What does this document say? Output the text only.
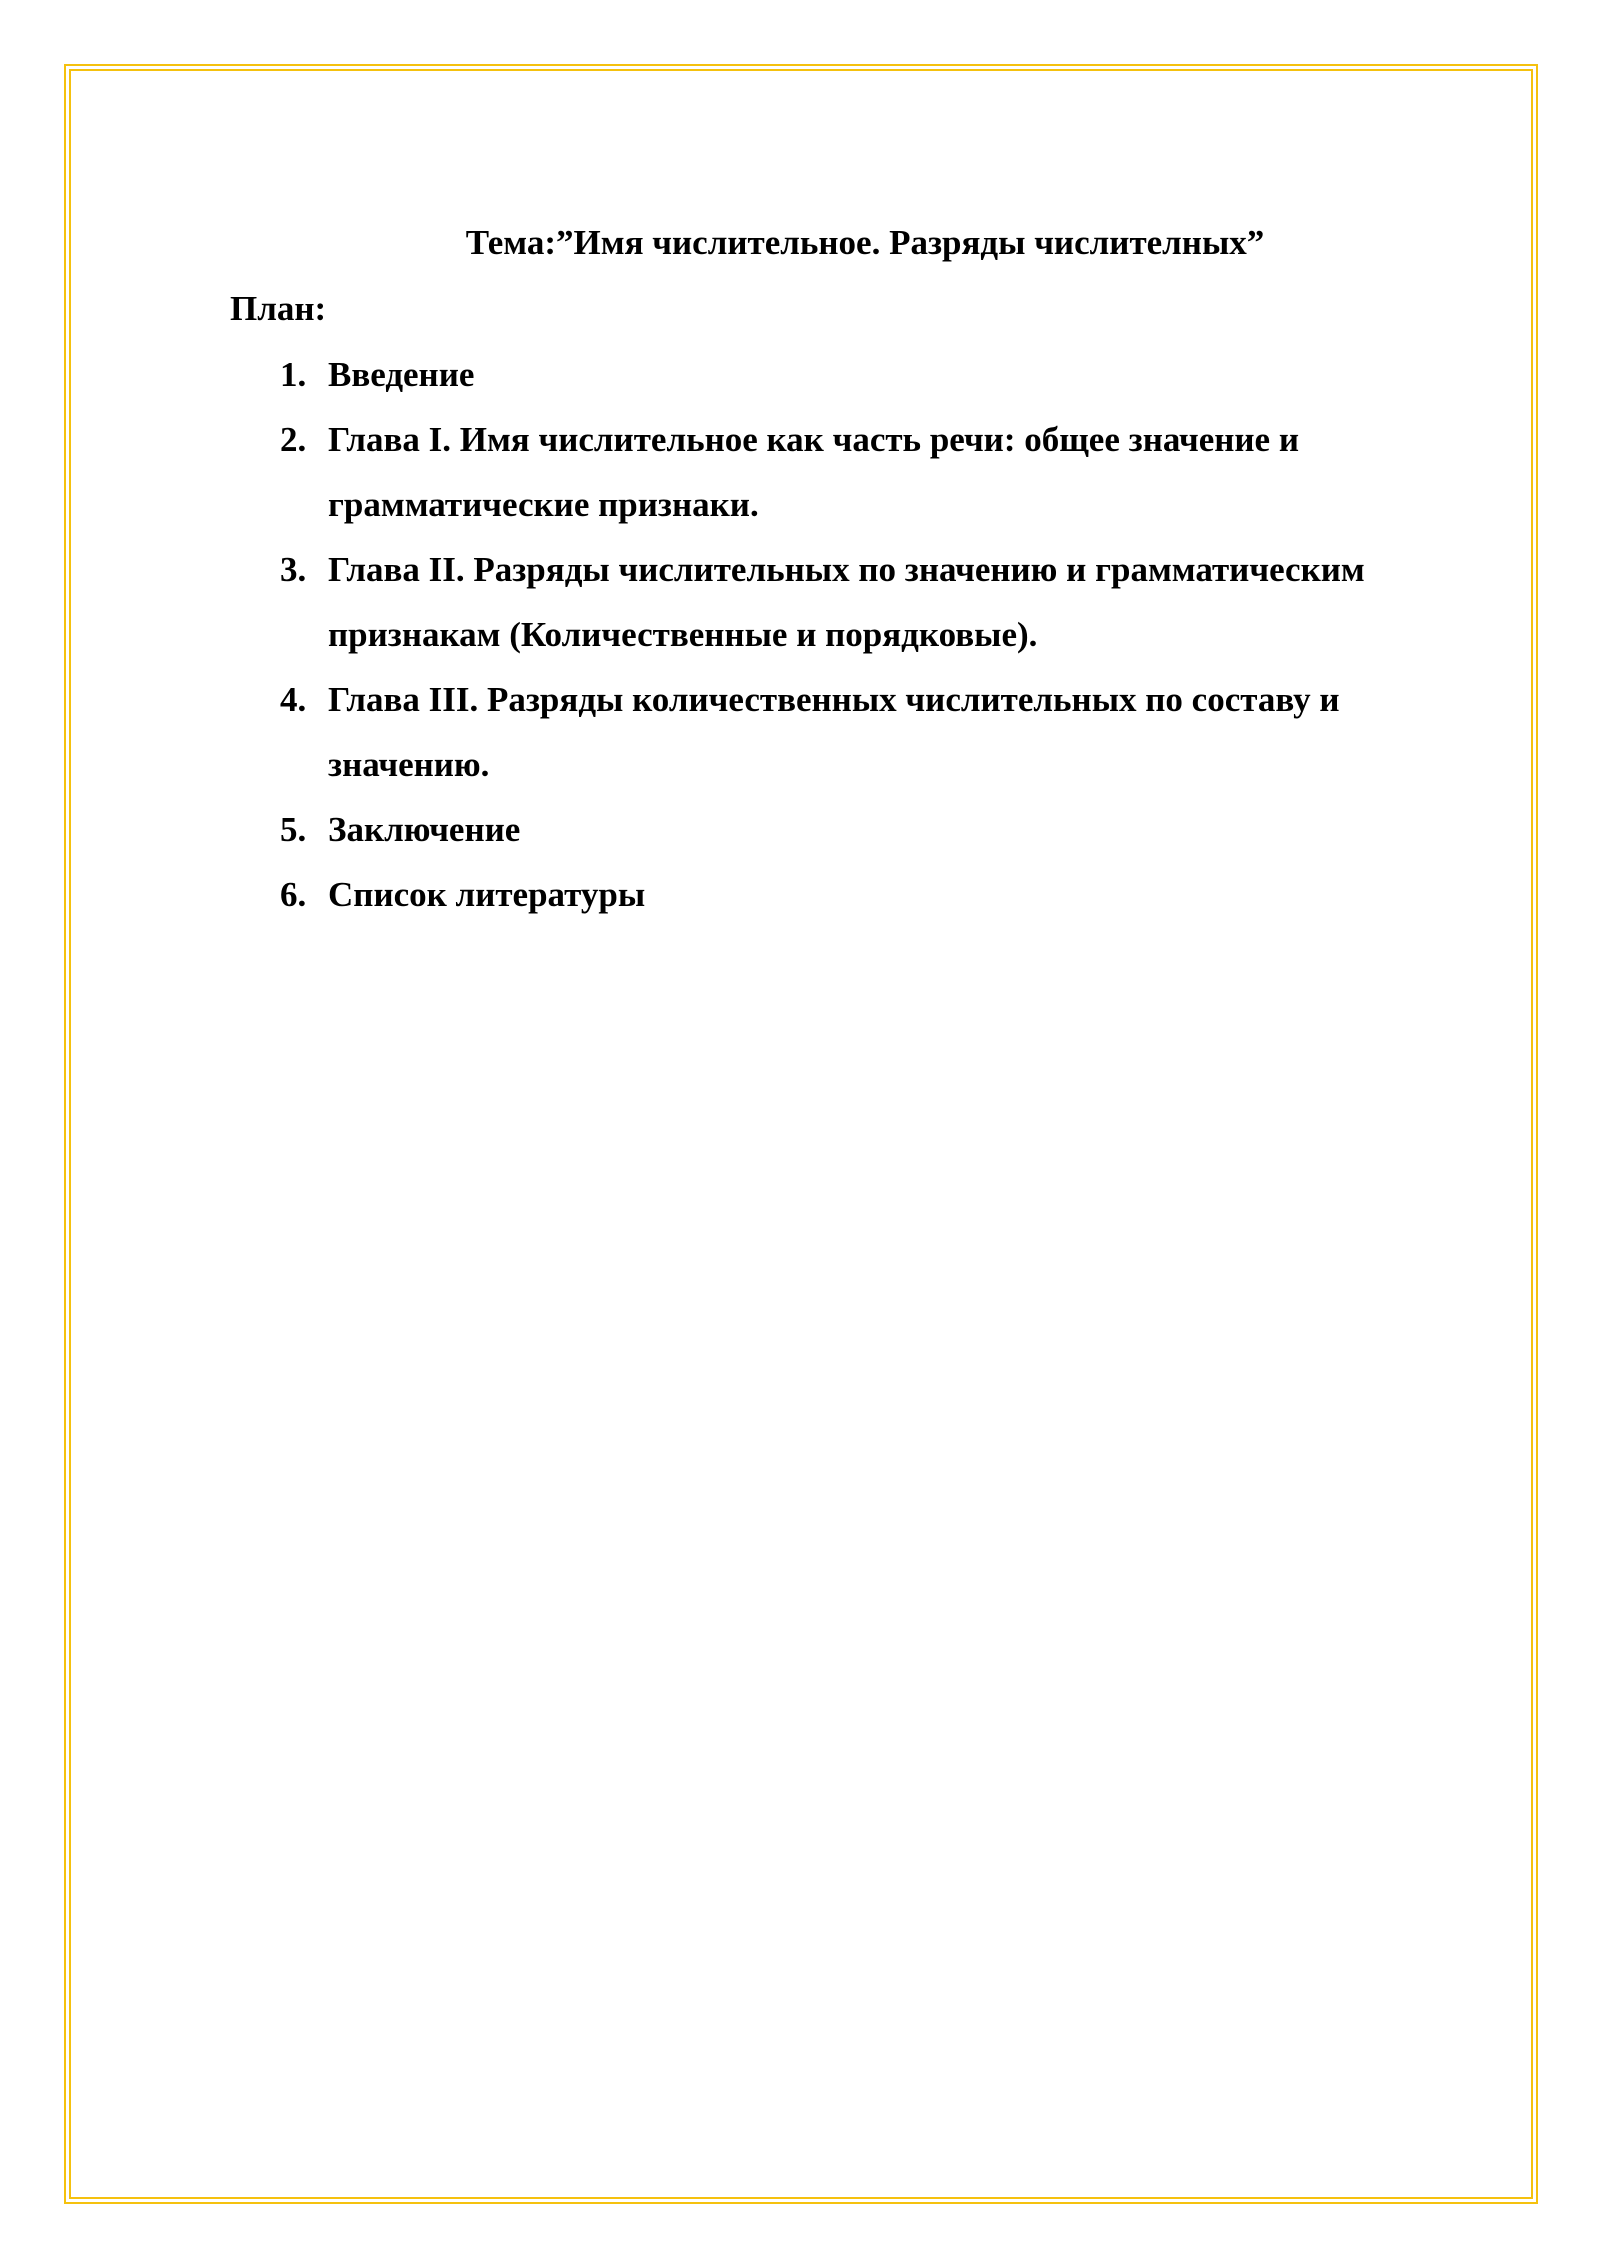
Тема:”Имя числительное. Разряды числителных”

План:

1. Введение
2. Глава I. Имя числительное как часть речи: общее значение и грамматические признаки.
3. Глава II. Разряды числительных по значению и грамматическим признакам (Количественные и порядковые).
4. Глава III. Разряды количественных числительных по составу и значению.
5. Заключение
6. Список литературы
